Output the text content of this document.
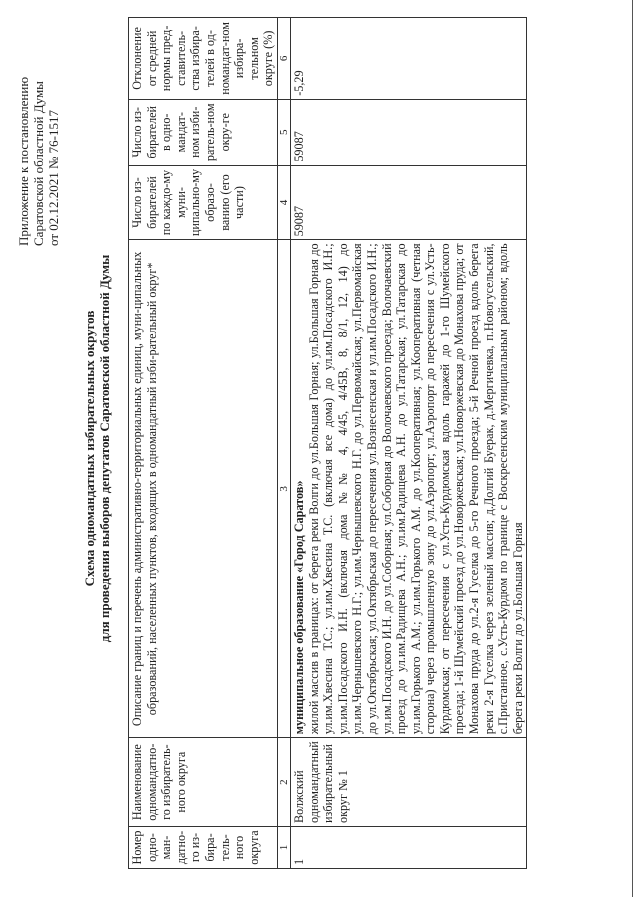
Приложение к постановлению Саратовской областной Думы от 02.12.2021 № 76-1517
Схема одномандатных избирательных округов для проведения выборов депутатов Саратовской областной Думы
Номер одно-ман-датно-го из-бира-тель-ного округа	Наименование одномандатно-го избиратель-ного округа	Описание границ и перечень административно-территориальных единиц, муни-ципальных образований, населенных пунктов, входящих в одномандатный изби-рательный округ*	Число из-бирателей по каждо-му муни-ципально-му образо-ванию (его части)	Число из-бирателей в одно-мандат-ном изби-ратель-ном окру-ге	Отклонение от средней нормы пред-ставитель-ства избира-телей в од-номандат-ном избира-тельном округе (%)
1	2	3	4	5	6
1	Волжский одномандатный избирательный округ № 1	муниципальное образование «Город Саратов» жилой массив в границах: от берега реки Волги до ул.Большая Горная; ул.Большая Горная до ул.им.Хвесина Т.С.; ул.им.Хвесина Т.С. (включая все дома) до ул.им.Посадского И.Н.; ул.им.Посадского И.Н. (включая дома №№ 4, 4/45, 4/45В, 8, 8/1, 12, 14) до ул.им.Чернышевского Н.Г.; ул.им.Чернышевского Н.Г. до ул.Первомайская; ул.Первомайская до ул.Октябрьская; ул.Октябрьская до пересечения ул.Вознесенская и ул.им.Посадского И.Н.; ул.им.Посадского И.Н. до ул.Соборная; ул.Соборная до Волочаевского проезда; Волочаевский проезд до ул.им.Радищева А.Н.; ул.им.Радищева А.Н. до ул.Татарская; ул.Татарская до ул.им.Горького А.М.; ул.им.Горького А.М. до ул.Кооперативная; ул.Кооперативная (четная сторона) через промышленную зону до ул.Аэропорт; ул.Аэропорт до пересечения с ул.Усть-Курдюмская; от пересечения с ул.Усть-Курдюмская вдоль гаражей до 1-го Шумейского проезда; 1-й Шумейский проезд до ул.Новоржевская; ул.Новоржевская до Монахова пруда; от Монахова пруда до ул.2-я Гуселка до 5-го Речного проезда; 5-й Речной проезд вдоль берега реки 2-я Гуселка через зеленый массив; д.Долгий Буерак, д.Мергичевка, п.Новогусельский, с.Пристанное, с.Усть-Курдюм по границе с Воскресенским муниципальным районом; вдоль берега реки Волги до ул.Большая Горная	59087	59087	-5,29
